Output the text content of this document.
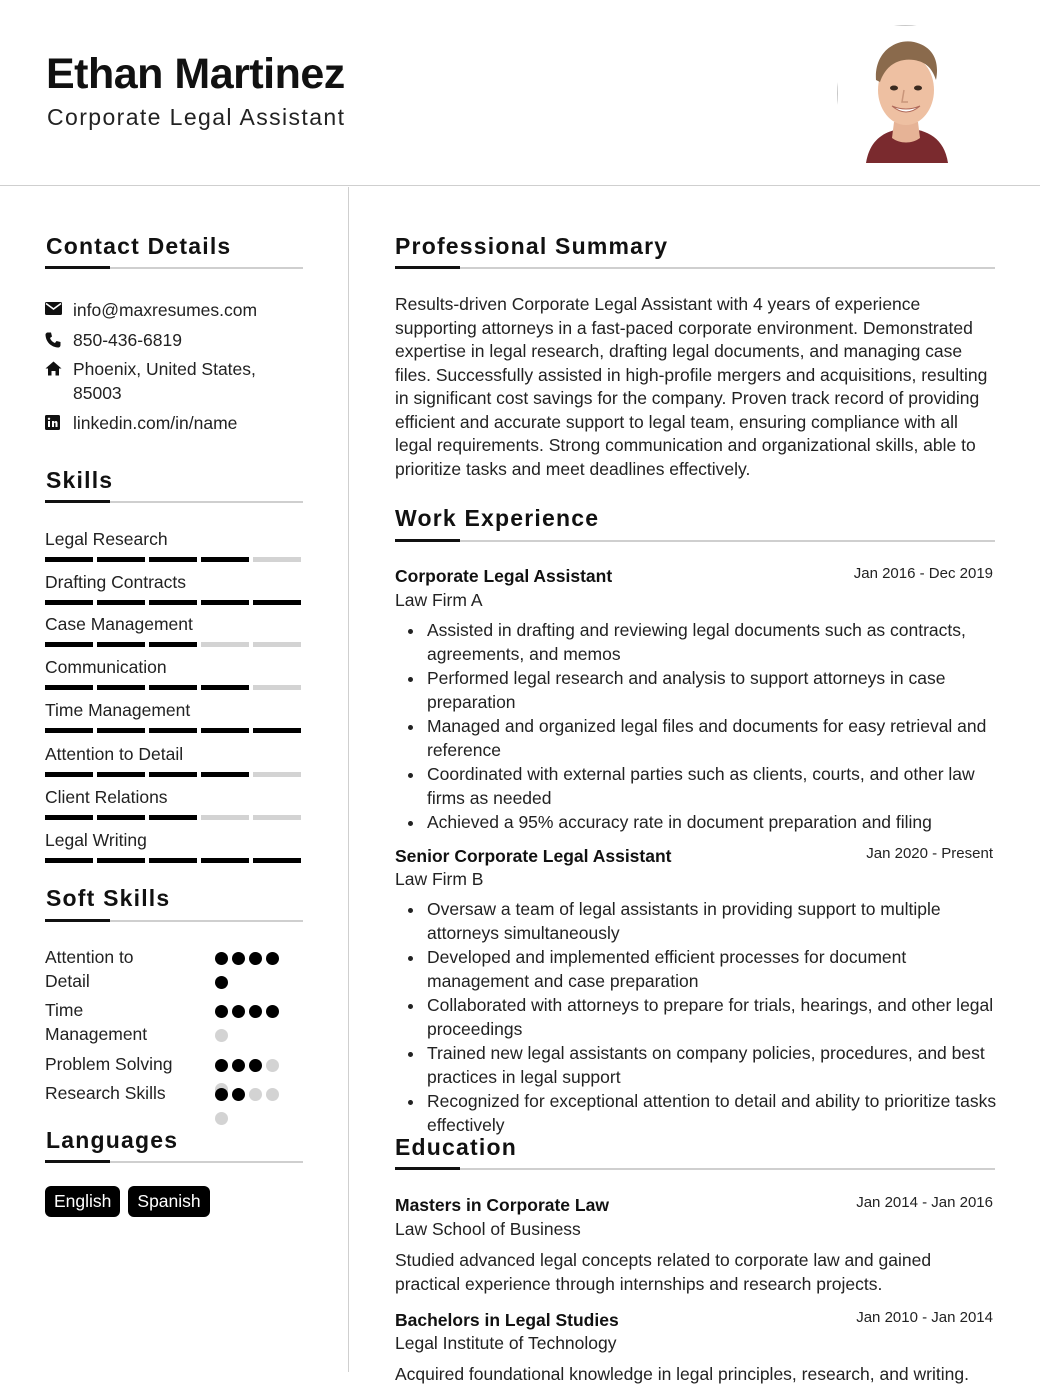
Ethan Martinez
Corporate Legal Assistant
Contact Details
info@maxresumes.com
850-436-6819
Phoenix, United States, 85003
linkedin.com/in/name
Skills
Legal Research
Drafting Contracts
Case Management
Communication
Time Management
Attention to Detail
Client Relations
Legal Writing
Soft Skills
Attention to Detail
Time Management
Problem Solving
Research Skills
Languages
English	Spanish
Professional Summary
Results-driven Corporate Legal Assistant with 4 years of experience supporting attorneys in a fast-paced corporate environment. Demonstrated expertise in legal research, drafting legal documents, and managing case files. Successfully assisted in high-profile mergers and acquisitions, resulting in significant cost savings for the company. Proven track record of providing efficient and accurate support to legal team, ensuring compliance with all legal requirements. Strong communication and organizational skills, able to prioritize tasks and meet deadlines effectively.
Work Experience
Corporate Legal Assistant	Jan 2016 - Dec 2019
Law Firm A
Assisted in drafting and reviewing legal documents such as contracts, agreements, and memos
Performed legal research and analysis to support attorneys in case preparation
Managed and organized legal files and documents for easy retrieval and reference
Coordinated with external parties such as clients, courts, and other law firms as needed
Achieved a 95% accuracy rate in document preparation and filing
Senior Corporate Legal Assistant	Jan 2020 - Present
Law Firm B
Oversaw a team of legal assistants in providing support to multiple attorneys simultaneously
Developed and implemented efficient processes for document management and case preparation
Collaborated with attorneys to prepare for trials, hearings, and other legal proceedings
Trained new legal assistants on company policies, procedures, and best practices in legal support
Recognized for exceptional attention to detail and ability to prioritize tasks effectively
Education
Masters in Corporate Law	Jan 2014 - Jan 2016
Law School of Business
Studied advanced legal concepts related to corporate law and gained practical experience through internships and research projects.
Bachelors in Legal Studies	Jan 2010 - Jan 2014
Legal Institute of Technology
Acquired foundational knowledge in legal principles, research, and writing.
